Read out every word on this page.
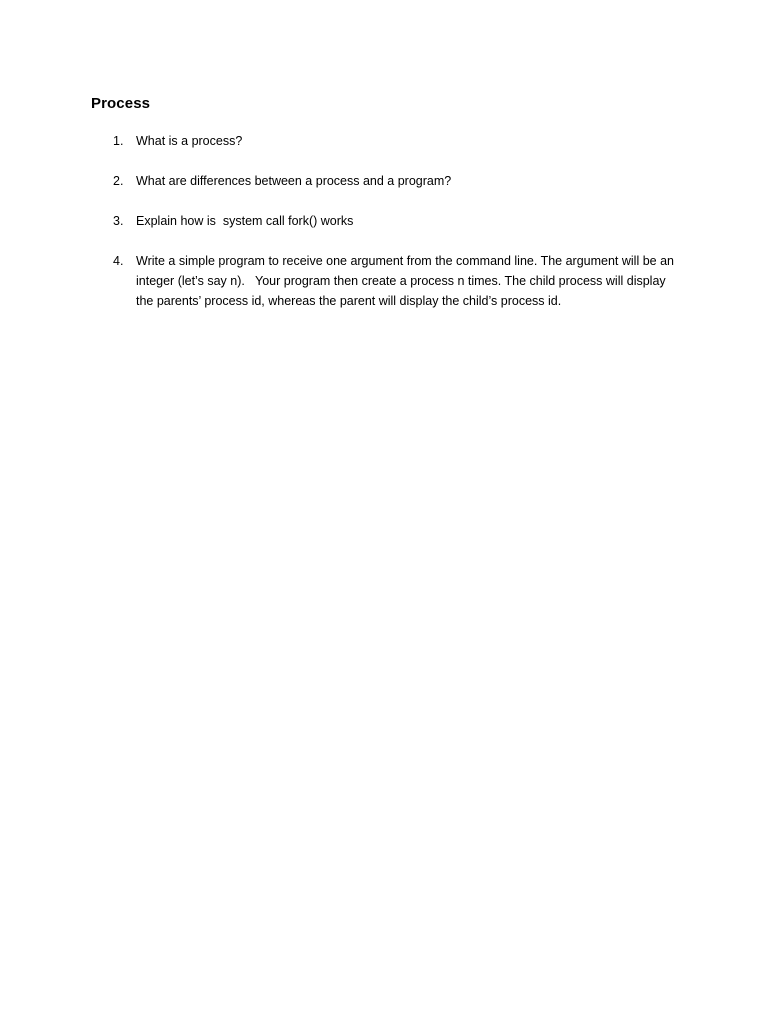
Process
1. What is a process?
2. What are differences between a process and a program?
3. Explain how is  system call fork() works
4. Write a simple program to receive one argument from the command line. The argument will be an integer (let’s say n).   Your program then create a process n times. The child process will display the parents’ process id, whereas the parent will display the child’s process id.
